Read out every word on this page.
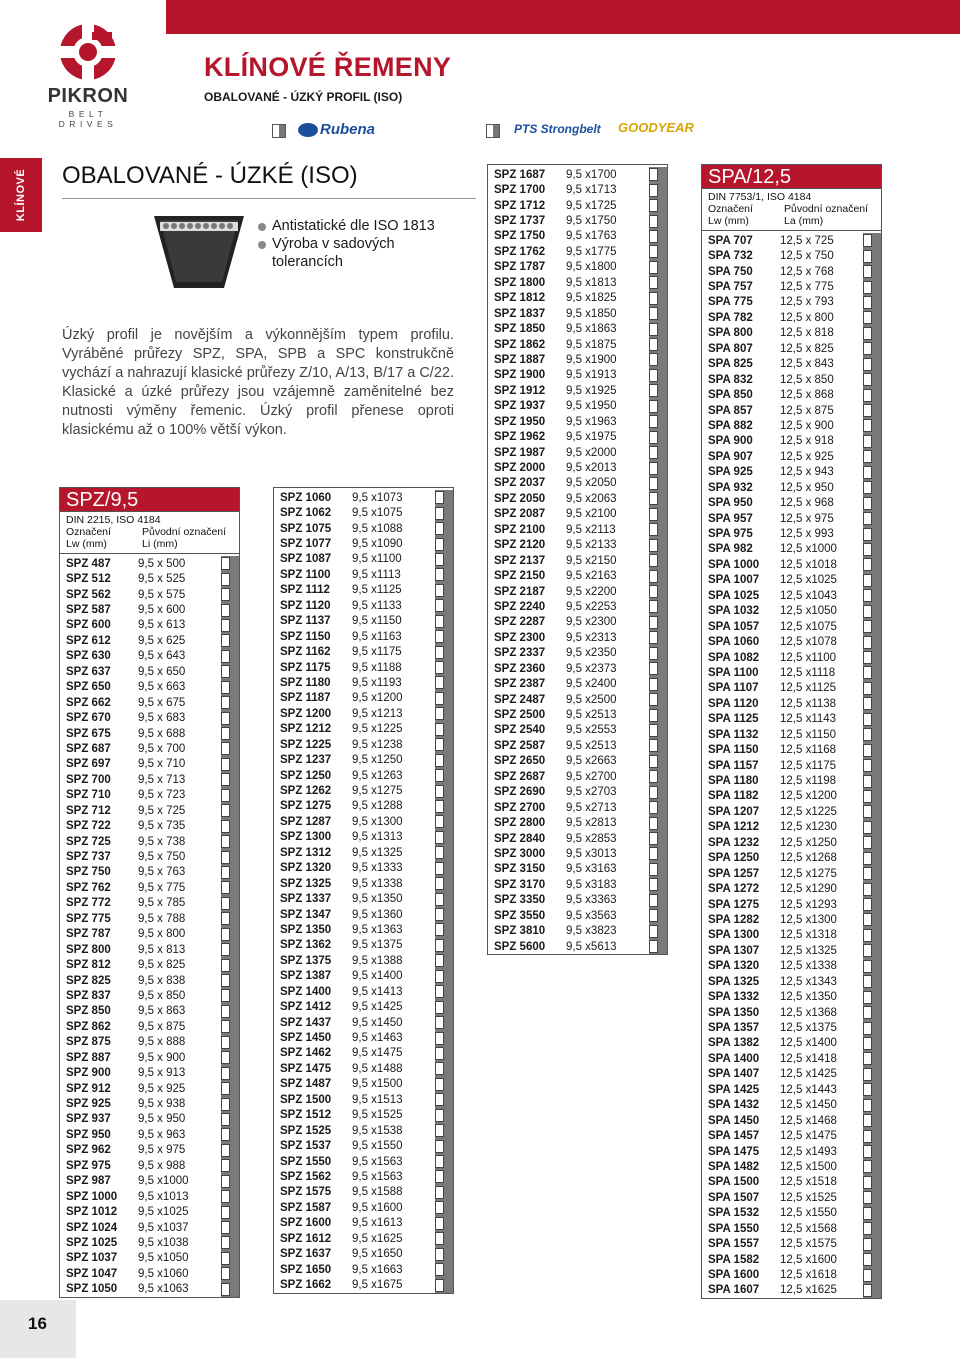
PIKRON
BELT DRIVES
KLÍNOVÉ ŘEMENY
OBALOVANÉ - ÚZKÝ PROFIL (ISO)
Rubena	PTS Strongbelt GOODYEAR
KLÍNOVÉ OBALOVANÉ - ÚZKÉ (ISO)
Antistatické dle ISO 1813
Výroba v sadových
tolerancích
Úzký profil je novějším a výkonnějším typem profilu. Vyráběné průřezy SPZ, SPA, SPB a SPC konstrukčně vychází a nahrazují klasické průřezy Z/10, A/13, B/17 a C/22. Klasické a úzké průřezy jsou vzájemně zaměnitelné bez nutnosti výměny řemenic. Úzký profil přenese oproti klasickému až o 100% větší výkon.
SPZ/9,5
DIN 2215, ISO 4184
Označení	Původní označení
Lw (mm)	Li (mm)
SPZ 487	9,5 x 500
SPZ 512	9,5 x 525
SPZ 562	9,5 x 575
SPZ 587	9,5 x 600
SPZ 600	9,5 x 613
SPZ 612	9,5 x 625
SPZ 630	9,5 x 643
SPZ 637	9,5 x 650
SPZ 650	9,5 x 663
SPZ 662	9,5 x 675
SPZ 670	9,5 x 683
SPZ 675	9,5 x 688
SPZ 687	9,5 x 700
SPZ 697	9,5 x 710
SPZ 700	9,5 x 713
SPZ 710	9,5 x 723
SPZ 712	9,5 x 725
SPZ 722	9,5 x 735
SPZ 725	9,5 x 738
SPZ 737	9,5 x 750
SPZ 750	9,5 x 763
SPZ 762	9,5 x 775
SPZ 772	9,5 x 785
SPZ 775	9,5 x 788
SPZ 787	9,5 x 800
SPZ 800	9,5 x 813
SPZ 812	9,5 x 825
SPZ 825	9,5 x 838
SPZ 837	9,5 x 850
SPZ 850	9,5 x 863
SPZ 862	9,5 x 875
SPZ 875	9,5 x 888
SPZ 887	9,5 x 900
SPZ 900	9,5 x 913
SPZ 912	9,5 x 925
SPZ 925	9,5 x 938
SPZ 937	9,5 x 950
SPZ 950	9,5 x 963
SPZ 962	9,5 x 975
SPZ 975	9,5 x 988
SPZ 987	9,5 x1000
SPZ 1000	9,5 x1013
SPZ 1012	9,5 x1025
SPZ 1024	9,5 x1037
SPZ 1025	9,5 x1038
SPZ 1037	9,5 x1050
SPZ 1047	9,5 x1060
SPZ 1050	9,5 x1063
SPZ 1060	9,5 x1073
SPZ 1062	9,5 x1075
SPZ 1075	9,5 x1088
SPZ 1077	9,5 x1090
SPZ 1087	9,5 x1100
SPZ 1100	9,5 x1113
SPZ 1112	9,5 x1125
SPZ 1120	9,5 x1133
SPZ 1137	9,5 x1150
SPZ 1150	9,5 x1163
SPZ 1162	9,5 x1175
SPZ 1175	9,5 x1188
SPZ 1180	9,5 x1193
SPZ 1187	9,5 x1200
SPZ 1200	9,5 x1213
SPZ 1212	9,5 x1225
SPZ 1225	9,5 x1238
SPZ 1237	9,5 x1250
SPZ 1250	9,5 x1263
SPZ 1262	9,5 x1275
SPZ 1275	9,5 x1288
SPZ 1287	9,5 x1300
SPZ 1300	9,5 x1313
SPZ 1312	9,5 x1325
SPZ 1320	9,5 x1333
SPZ 1325	9,5 x1338
SPZ 1337	9,5 x1350
SPZ 1347	9,5 x1360
SPZ 1350	9,5 x1363
SPZ 1362	9,5 x1375
SPZ 1375	9,5 x1388
SPZ 1387	9,5 x1400
SPZ 1400	9,5 x1413
SPZ 1412	9,5 x1425
SPZ 1437	9,5 x1450
SPZ 1450	9,5 x1463
SPZ 1462	9,5 x1475
SPZ 1475	9,5 x1488
SPZ 1487	9,5 x1500
SPZ 1500	9,5 x1513
SPZ 1512	9,5 x1525
SPZ 1525	9,5 x1538
SPZ 1537	9,5 x1550
SPZ 1550	9,5 x1563
SPZ 1562	9,5 x1563
SPZ 1575	9,5 x1588
SPZ 1587	9,5 x1600
SPZ 1600	9,5 x1613
SPZ 1612	9,5 x1625
SPZ 1637	9,5 x1650
SPZ 1650	9,5 x1663
SPZ 1662	9,5 x1675
SPZ 1687	9,5 x1700
SPZ 1700	9,5 x1713
SPZ 1712	9,5 x1725
SPZ 1737	9,5 x1750
SPZ 1750	9,5 x1763
SPZ 1762	9,5 x1775
SPZ 1787	9,5 x1800
SPZ 1800	9,5 x1813
SPZ 1812	9,5 x1825
SPZ 1837	9,5 x1850
SPZ 1850	9,5 x1863
SPZ 1862	9,5 x1875
SPZ 1887	9,5 x1900
SPZ 1900	9,5 x1913
SPZ 1912	9,5 x1925
SPZ 1937	9,5 x1950
SPZ 1950	9,5 x1963
SPZ 1962	9,5 x1975
SPZ 1987	9,5 x2000
SPZ 2000	9,5 x2013
SPZ 2037	9,5 x2050
SPZ 2050	9,5 x2063
SPZ 2087	9,5 x2100
SPZ 2100	9,5 x2113
SPZ 2120	9,5 x2133
SPZ 2137	9,5 x2150
SPZ 2150	9,5 x2163
SPZ 2187	9,5 x2200
SPZ 2240	9,5 x2253
SPZ 2287	9,5 x2300
SPZ 2300	9,5 x2313
SPZ 2337	9,5 x2350
SPZ 2360	9,5 x2373
SPZ 2387	9,5 x2400
SPZ 2487	9,5 x2500
SPZ 2500	9,5 x2513
SPZ 2540	9,5 x2553
SPZ 2587	9,5 x2513
SPZ 2650	9,5 x2663
SPZ 2687	9,5 x2700
SPZ 2690	9,5 x2703
SPZ 2700	9,5 x2713
SPZ 2800	9,5 x2813
SPZ 2840	9,5 x2853
SPZ 3000	9,5 x3013
SPZ 3150	9,5 x3163
SPZ 3170	9,5 x3183
SPZ 3350	9,5 x3363
SPZ 3550	9,5 x3563
SPZ 3810	9,5 x3823
SPZ 5600	9,5 x5613
SPA/12,5
DIN 7753/1, ISO 4184
Označení	Původní označení
Lw (mm)	La (mm)
SPA 707	12,5 x 725
SPA 732	12,5 x 750
SPA 750	12,5 x 768
SPA 757	12,5 x 775
SPA 775	12,5 x 793
SPA 782	12,5 x 800
SPA 800	12,5 x 818
SPA 807	12,5 x 825
SPA 825	12,5 x 843
SPA 832	12,5 x 850
SPA 850	12,5 x 868
SPA 857	12,5 x 875
SPA 882	12,5 x 900
SPA 900	12,5 x 918
SPA 907	12,5 x 925
SPA 925	12,5 x 943
SPA 932	12,5 x 950
SPA 950	12,5 x 968
SPA 957	12,5 x 975
SPA 975	12,5 x 993
SPA 982	12,5 x1000
SPA 1000	12,5 x1018
SPA 1007	12,5 x1025
SPA 1025	12,5 x1043
SPA 1032	12,5 x1050
SPA 1057	12,5 x1075
SPA 1060	12,5 x1078
SPA 1082	12,5 x1100
SPA 1100	12,5 x1118
SPA 1107	12,5 x1125
SPA 1120	12,5 x1138
SPA 1125	12,5 x1143
SPA 1132	12,5 x1150
SPA 1150	12,5 x1168
SPA 1157	12,5 x1175
SPA 1180	12,5 x1198
SPA 1182	12,5 x1200
SPA 1207	12,5 x1225
SPA 1212	12,5 x1230
SPA 1232	12,5 x1250
SPA 1250	12,5 x1268
SPA 1257	12,5 x1275
SPA 1272	12,5 x1290
SPA 1275	12,5 x1293
SPA 1282	12,5 x1300
SPA 1300	12,5 x1318
SPA 1307	12,5 x1325
SPA 1320	12,5 x1338
SPA 1325	12,5 x1343
SPA 1332	12,5 x1350
SPA 1350	12,5 x1368
SPA 1357	12,5 x1375
SPA 1382	12,5 x1400
SPA 1400	12,5 x1418
SPA 1407	12,5 x1425
SPA 1425	12,5 x1443
SPA 1432	12,5 x1450
SPA 1450	12,5 x1468
SPA 1457	12,5 x1475
SPA 1475	12,5 x1493
SPA 1482	12,5 x1500
SPA 1500	12,5 x1518
SPA 1507	12,5 x1525
SPA 1532	12,5 x1550
SPA 1550	12,5 x1568
SPA 1557	12,5 x1575
SPA 1582	12,5 x1600
SPA 1600	12,5 x1618
SPA 1607	12,5 x1625
16
